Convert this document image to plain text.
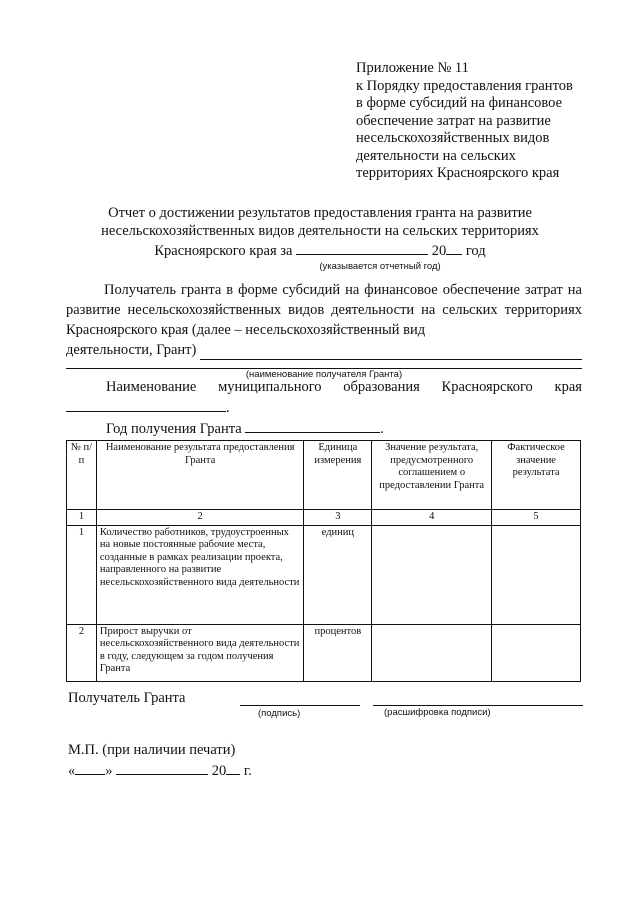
Приложение № 11
к Порядку предоставления грантов
в форме субсидий на финансовое
обеспечение затрат на развитие
несельскохозяйственных видов
деятельности на сельских
территориях Красноярского края
Отчет о достижении результатов предоставления гранта на развитие
несельскохозяйственных видов деятельности на сельских территориях
Красноярского края за	20 год
(указывается отчетный год)

Получатель гранта в форме субсидий на финансовое обеспечение затрат на развитие несельскохозяйственных видов деятельности на сельских территориях Красноярского края (далее – несельскохозяйственный вид

деятельности, Грант)
(наименование получателя Гранта)
Наименование муниципального образования Красноярского края
.
Год получения Гранта	.
№ п/п	Наименование результата предоставления Гранта	Единица измерения	Значение результата, предусмотренного соглашением о предоставлении Гранта	Фактическое значение результата
1	2	3	4	5
1	Количество работников, трудоустроенных на новые постоянные рабочие места, созданные в рамках реализации проекта, направленного на развитие несельскохозяйственного вида деятельности	единиц		
2	Прирост выручки от несельскохозяйственного вида деятельности в году, следующем за годом получения Гранта	процентов		
Получатель Гранта
(подпись)	(расшифровка подписи)
М.П. (при наличии печати)
« »	20 г.
